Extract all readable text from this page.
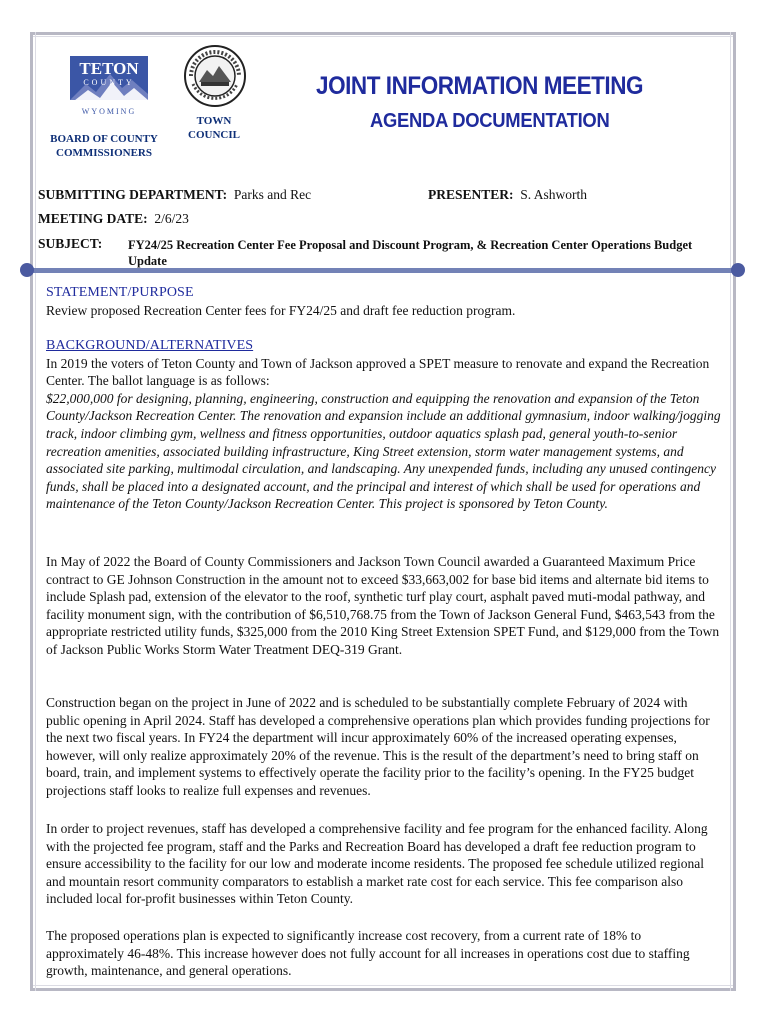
TETON
COUNTY
WYOMING
BOARD OF COUNTY
COMMISSIONERS
TOWN
COUNCIL
JOINT INFORMATION MEETING
AGENDA DOCUMENTATION
SUBMITTING DEPARTMENT: Parks and Rec	PRESENTER: S. Ashworth
MEETING DATE: 2/6/23
SUBJECT: FY24/25 Recreation Center Fee Proposal and Discount Program, & Recreation Center Operations Budget Update

STATEMENT/PURPOSE

Review proposed Recreation Center fees for FY24/25 and draft fee reduction program.

BACKGROUND/ALTERNATIVES

In 2019 the voters of Teton County and Town of Jackson approved a SPET measure to renovate and expand the Recreation Center. The ballot language is as follows:

$22,000,000 for designing, planning, engineering, construction and equipping the renovation and expansion of the Teton County/Jackson Recreation Center. The renovation and expansion include an additional gymnasium, indoor walking/jogging track, indoor climbing gym, wellness and fitness opportunities, outdoor aquatics splash pad, general youth-to-senior recreation amenities, associated building infrastructure, King Street extension, storm water management systems, and associated site parking, multimodal circulation, and landscaping. Any unexpended funds, including any unused contingency funds, shall be placed into a designated account, and the principal and interest of which shall be used for operations and maintenance of the Teton County/Jackson Recreation Center. This project is sponsored by Teton County.

In May of 2022 the Board of County Commissioners and Jackson Town Council awarded a Guaranteed Maximum Price contract to GE Johnson Construction in the amount not to exceed $33,663,002 for base bid items and alternate bid items to include Splash pad, extension of the elevator to the roof, synthetic turf play court, asphalt paved muti-modal pathway, and facility monument sign, with the contribution of $6,510,768.75 from the Town of Jackson General Fund, $463,543 from the appropriate restricted utility funds, $325,000 from the 2010 King Street Extension SPET Fund, and $129,000 from the Town of Jackson Public Works Storm Water Treatment DEQ-319 Grant.

Construction began on the project in June of 2022 and is scheduled to be substantially complete February of 2024 with public opening in April 2024. Staff has developed a comprehensive operations plan which provides funding projections for the next two fiscal years. In FY24 the department will incur approximately 60% of the increased operating expenses, however, will only realize approximately 20% of the revenue. This is the result of the department’s need to bring staff on board, train, and implement systems to effectively operate the facility prior to the facility’s opening. In the FY25 budget projections staff looks to realize full expenses and revenues.

In order to project revenues, staff has developed a comprehensive facility and fee program for the enhanced facility. Along with the projected fee program, staff and the Parks and Recreation Board has developed a draft fee reduction program to ensure accessibility to the facility for our low and moderate income residents. The proposed fee schedule utilized regional and mountain resort community comparators to establish a market rate cost for each service. This fee comparison also included local for-profit businesses within Teton County.

The proposed operations plan is expected to significantly increase cost recovery, from a current rate of 18% to approximately 46-48%. This increase however does not fully account for all increases in operations cost due to staffing growth, maintenance, and general operations.
